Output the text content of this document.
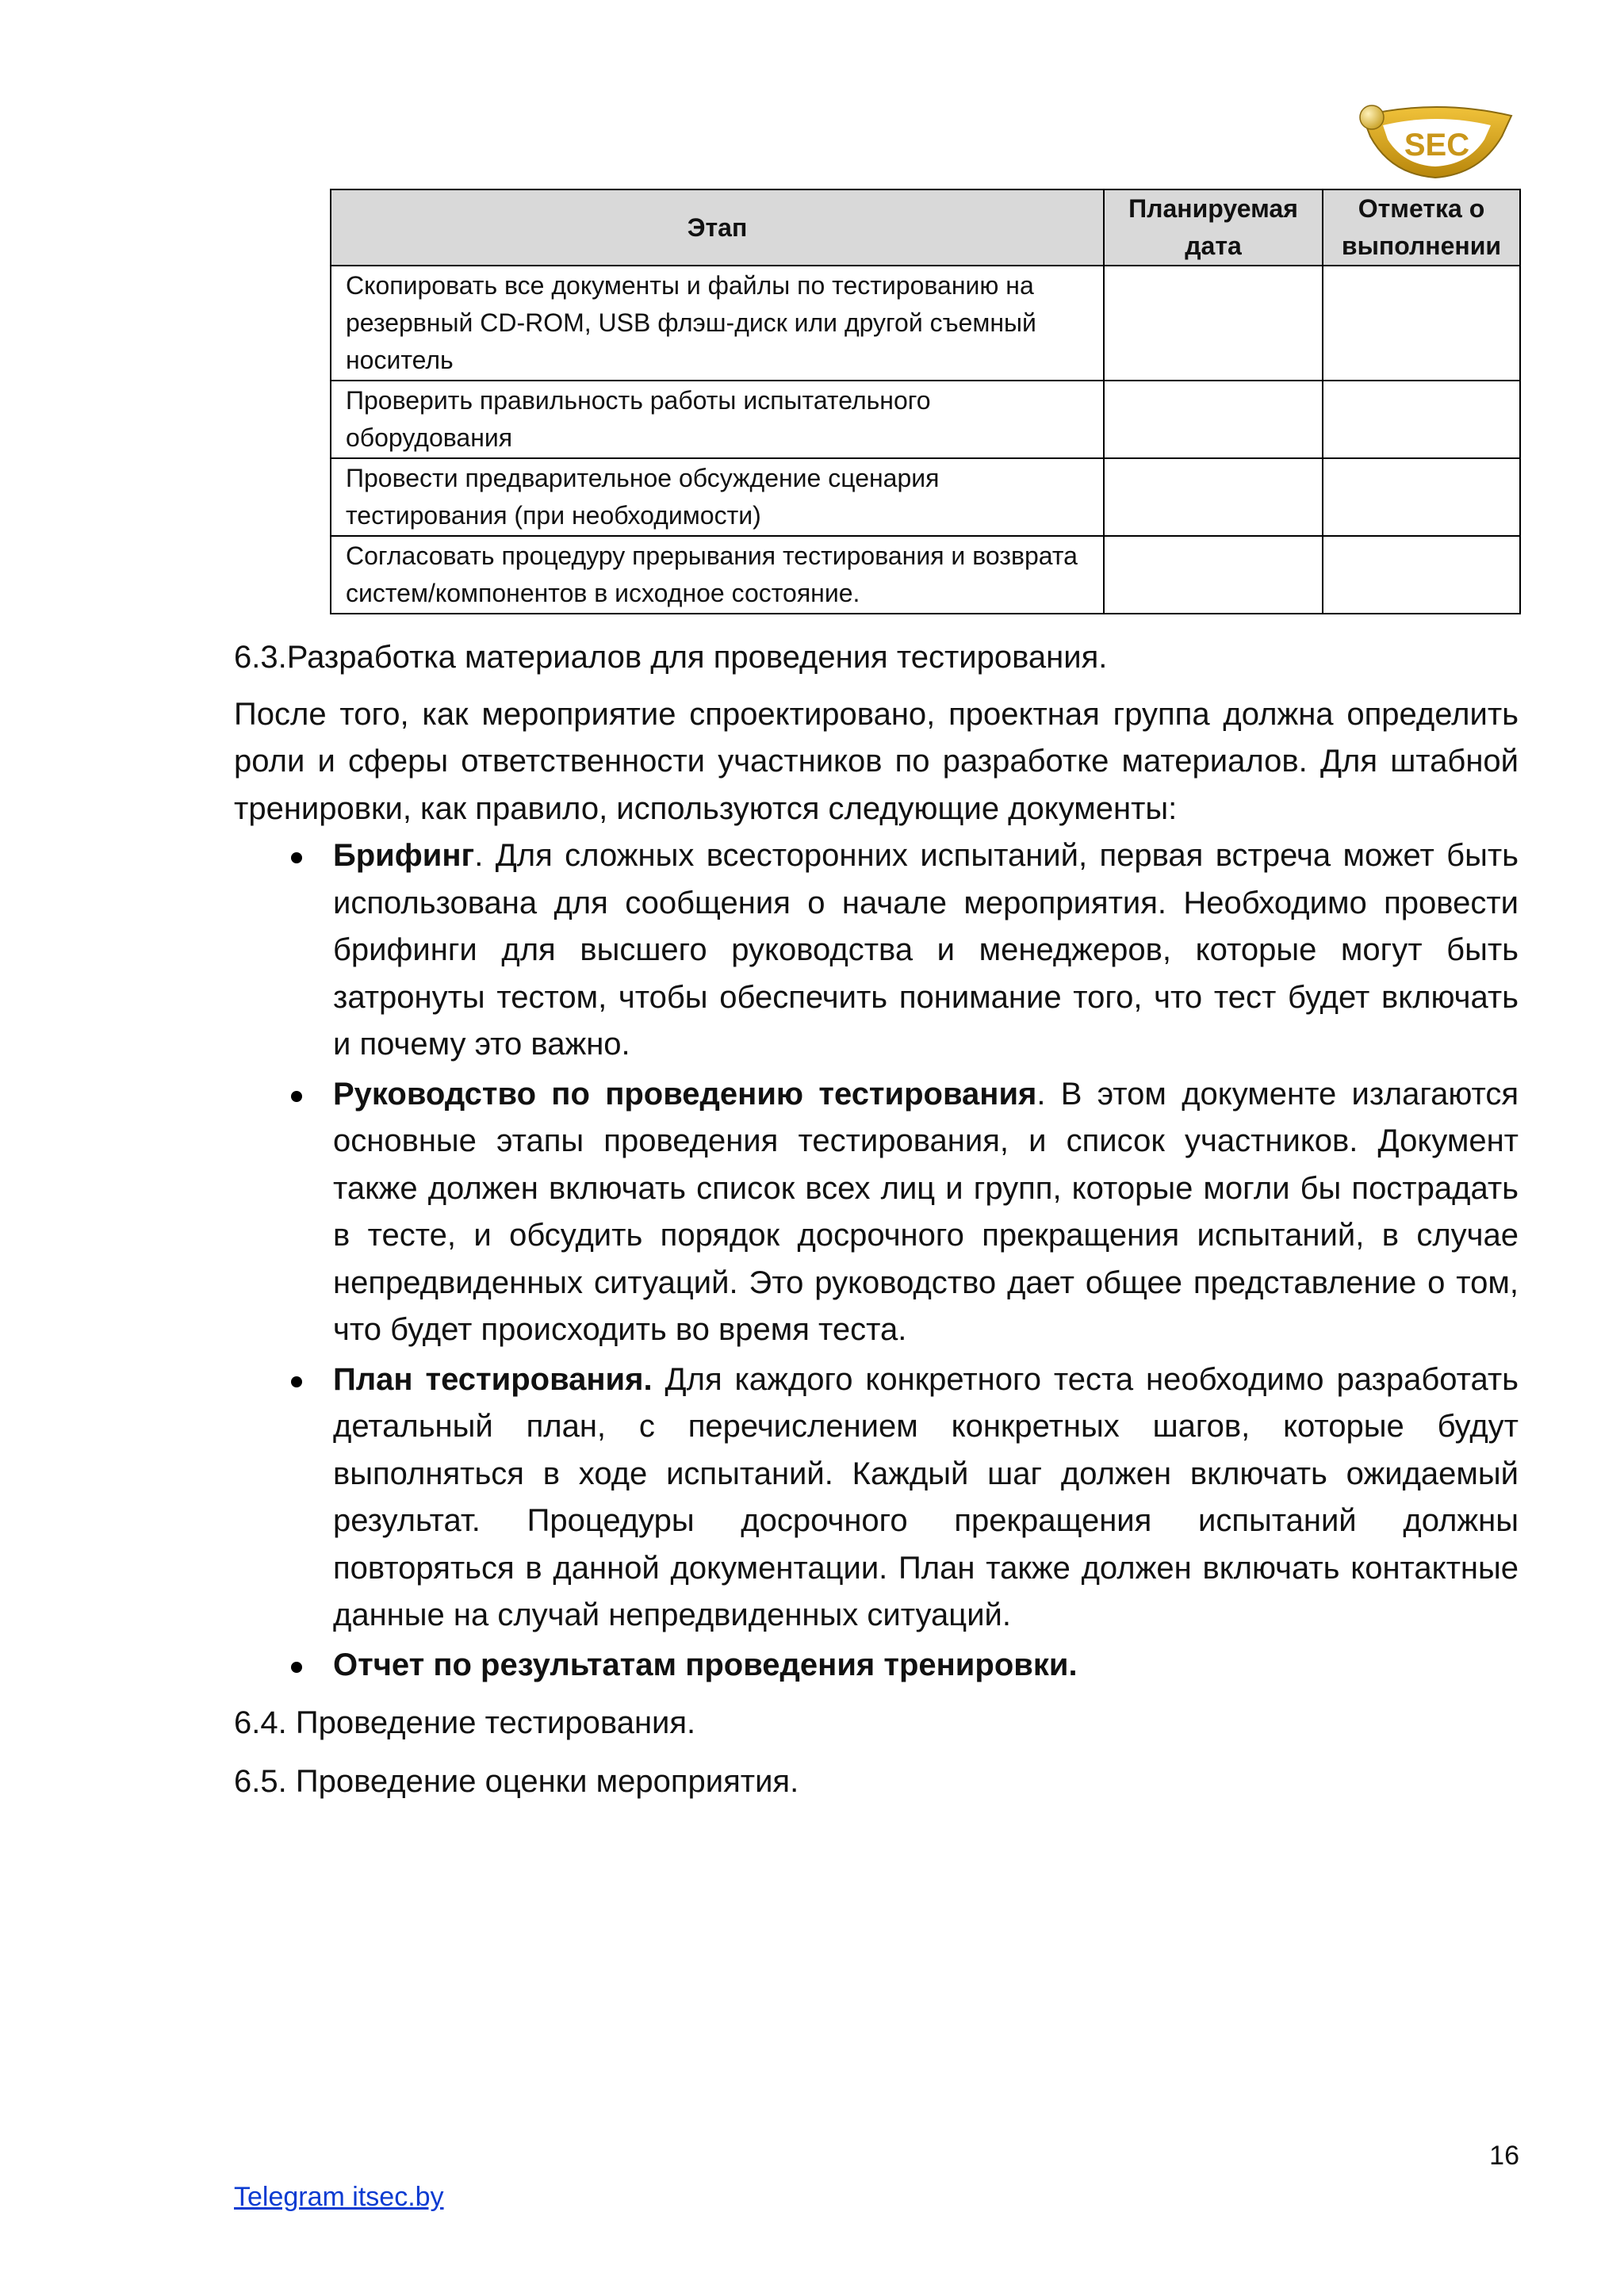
SEC
Этап	Планируемая дата	Отметка о выполнении
Скопировать все документы и файлы по тестированию на резервный CD-ROM, USB флэш-диск или другой съемный носитель		
Проверить правильность работы испытательного оборудования		
Провести предварительное обсуждение сценария тестирования (при необходимости)		
Согласовать процедуру прерывания тестирования и возврата систем/компонентов в исходное состояние.		

6.3.Разработка материалов для проведения тестирования.

После того, как мероприятие спроектировано, проектная группа должна определить роли и сферы ответственности участников по разработке материалов. Для штабной тренировки, как правило, используются следующие документы:

Брифинг. Для сложных всесторонних испытаний, первая встреча может быть использована для сообщения о начале мероприятия. Необходимо провести брифинги для высшего руководства и менеджеров, которые могут быть затронуты тестом, чтобы обеспечить понимание того, что тест будет включать и почему это важно.
Руководство по проведению тестирования. В этом документе излагаются основные этапы проведения тестирования, и список участников. Документ также должен включать список всех лиц и групп, которые могли бы пострадать в тесте, и обсудить порядок досрочного прекращения испытаний, в случае непредвиденных ситуаций. Это руководство дает общее представление о том, что будет происходить во время теста.
План тестирования. Для каждого конкретного теста необходимо разработать детальный план, с перечислением конкретных шагов, которые будут выполняться в ходе испытаний. Каждый шаг должен включать ожидаемый результат. Процедуры досрочного прекращения испытаний должны повторяться в данной документации. План также должен включать контактные данные на случай непредвиденных ситуаций.
Отчет по результатам проведения тренировки.

6.4. Проведение тестирования.

6.5. Проведение оценки мероприятия.

16
Telegram itsec.by
